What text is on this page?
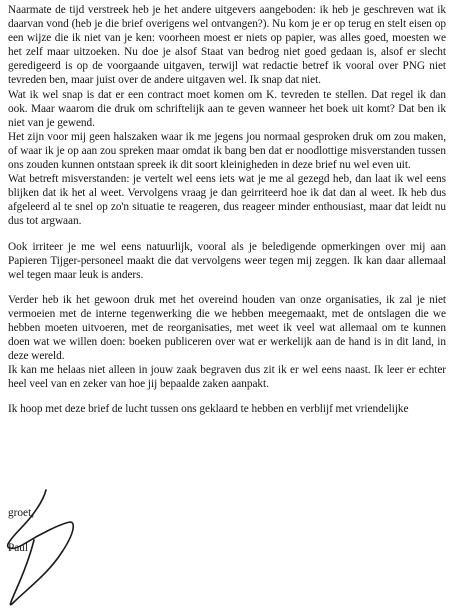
Naarmate de tijd verstreek heb je het andere uitgevers aangeboden: ik heb je geschreven wat ik daarvan vond (heb je die brief overigens wel ontvangen?). Nu kom je er op terug en stelt eisen op een wijze die ik niet van je ken: voorheen moest er niets op papier, was alles goed, moesten we het zelf maar uitzoeken. Nu doe je alsof Staat van bedrog niet goed gedaan is, alsof er slecht geredigeerd is op de voorgaande uitgaven, terwijl wat redactie betref ik vooral over PNG niet tevreden ben, maar juist over de andere uitgaven wel. Ik snap dat niet.

Wat ik wel snap is dat er een contract moet komen om K. tevreden te stellen. Dat regel ik dan ook. Maar waarom die druk om schriftelijk aan te geven wanneer het boek uit komt? Dat ben ik niet van je gewend.

Het zijn voor mij geen halszaken waar ik me jegens jou normaal gesproken druk om zou maken, of waar ik je op aan zou spreken maar omdat ik bang ben dat er noodlottige misverstanden tussen ons zouden kunnen ontstaan spreek ik dit soort kleinigheden in deze brief nu wel even uit.

Wat betreft misverstanden: je vertelt wel eens iets wat je me al gezegd heb, dan laat ik wel eens blijken dat ik het al weet. Vervolgens vraag je dan geirriteerd hoe ik dat dan al weet. Ik heb dus afgeleerd al te snel op zo'n situatie te reageren, dus reageer minder enthousiast, maar dat leidt nu dus tot argwaan.

Ook irriteer je me wel eens natuurlijk, vooral als je beledigende opmerkingen over mij aan Papieren Tijger-personeel maakt die dat vervolgens weer tegen mij zeggen. Ik kan daar allemaal wel tegen maar leuk is anders.

Verder heb ik het gewoon druk met het overeind houden van onze organisaties, ik zal je niet vermoeien met de interne tegenwerking die we hebben meegemaakt, met de ontslagen die we hebben moeten uitvoeren, met de reorganisaties, met weet ik veel wat allemaal om te kunnen doen wat we willen doen: boeken publiceren over wat er werkelijk aan de hand is in dit land, in deze wereld.

Ik kan me helaas niet alleen in jouw zaak begraven dus zit ik er wel eens naast. Ik leer er echter heel veel van en zeker van hoe jij bepaalde zaken aanpakt.

Ik hoop met deze brief de lucht tussen ons geklaard te hebben en verblijf met vriendelijke

groet,
Paul
